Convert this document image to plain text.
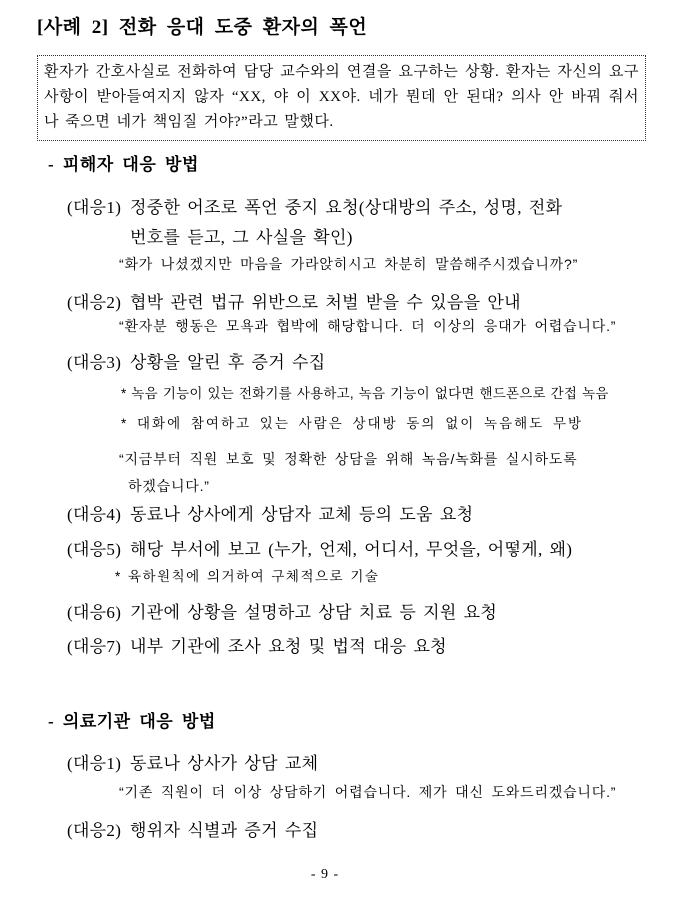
[사례 2] 전화 응대 도중 환자의 폭언
환자가 간호사실로 전화하여 담당 교수와의 연결을 요구하는 상황. 환자는 자신의 요구사항이 받아들여지지 않자 “XX, 야 이 XX야. 네가 뭔데 안 된대? 의사 안 바꿔 줘서 나 죽으면 네가 책임질 거야?”라고 말했다.
- 피해자 대응 방법
(대응1) 정중한 어조로 폭언 중지 요청(상대방의 주소, 성명, 전화
번호를 듣고, 그 사실을 확인)
“화가 나셨겠지만 마음을 가라앉히시고 차분히 말씀해주시겠습니까?”
(대응2) 협박 관련 법규 위반으로 처벌 받을 수 있음을 안내
“환자분 행동은 모욕과 협박에 해당합니다. 더 이상의 응대가 어렵습니다.”
(대응3) 상황을 알린 후 증거 수집
* 녹음 기능이 있는 전화기를 사용하고, 녹음 기능이 없다면 핸드폰으로 간접 녹음
* 대화에 참여하고 있는 사람은 상대방 동의 없이 녹음해도 무방
“지금부터 직원 보호 및 정확한 상담을 위해 녹음/녹화를 실시하도록
하겠습니다.”
(대응4) 동료나 상사에게 상담자 교체 등의 도움 요청
(대응5) 해당 부서에 보고 (누가, 언제, 어디서, 무엇을, 어떻게, 왜)
* 육하원칙에 의거하여 구체적으로 기술
(대응6) 기관에 상황을 설명하고 상담 치료 등 지원 요청
(대응7) 내부 기관에 조사 요청 및 법적 대응 요청
- 의료기관 대응 방법
(대응1) 동료나 상사가 상담 교체
“기존 직원이 더 이상 상담하기 어렵습니다. 제가 대신 도와드리겠습니다.”
(대응2) 행위자 식별과 증거 수집
- 9 -
